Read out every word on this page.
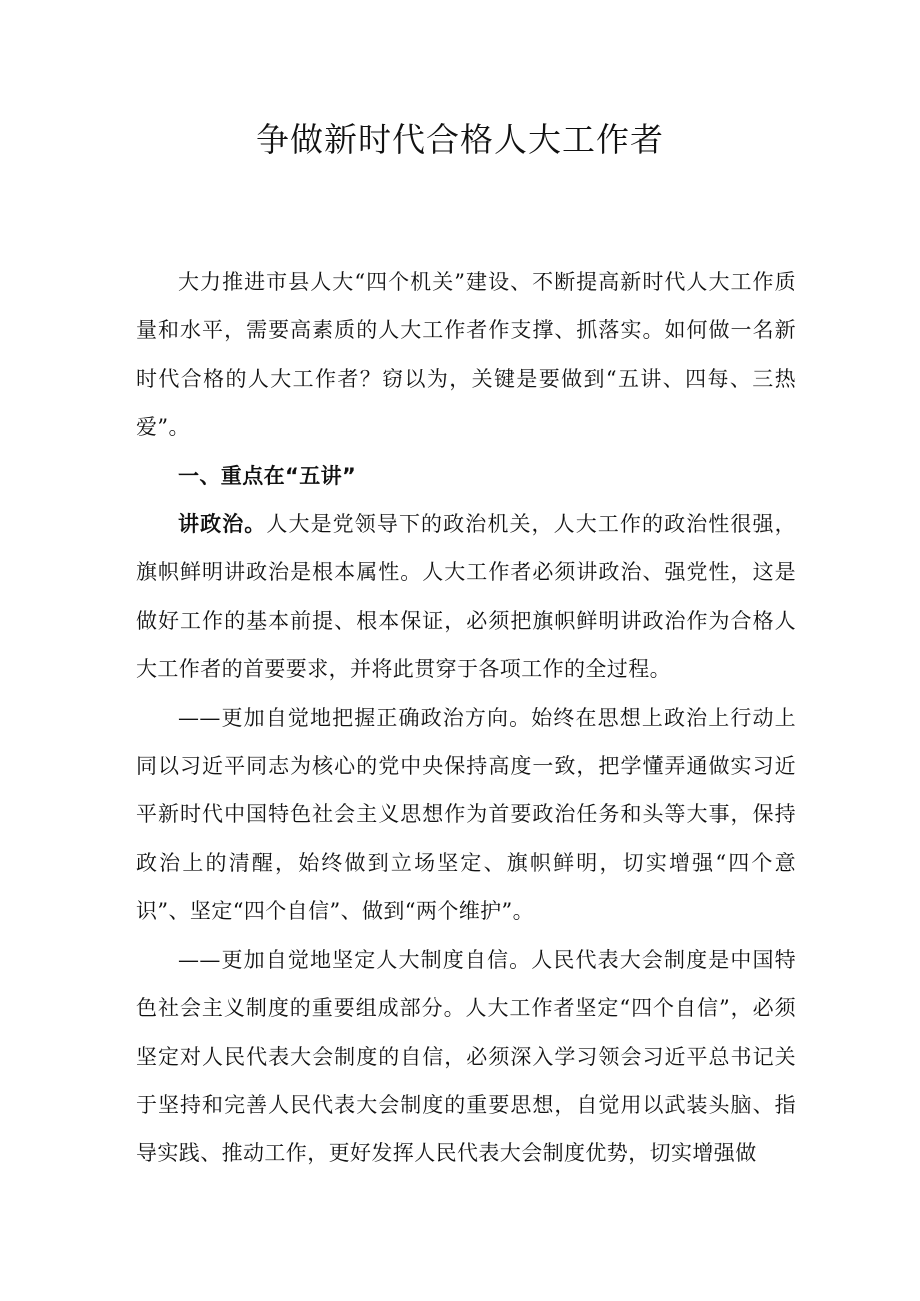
争做新时代合格人大工作者

大力推进市县人大“四个机关”建设、不断提高新时代人大工作质量和水平，需要高素质的人大工作者作支撑、抓落实。如何做一名新时代合格的人大工作者？窃以为，关键是要做到“五讲、四每、三热爱”。

一、重点在“五讲”

讲政治。人大是党领导下的政治机关，人大工作的政治性很强，旗帜鲜明讲政治是根本属性。人大工作者必须讲政治、强党性，这是做好工作的基本前提、根本保证，必须把旗帜鲜明讲政治作为合格人大工作者的首要要求，并将此贯穿于各项工作的全过程。

——更加自觉地把握正确政治方向。始终在思想上政治上行动上同以习近平同志为核心的党中央保持高度一致，把学懂弄通做实习近平新时代中国特色社会主义思想作为首要政治任务和头等大事，保持政治上的清醒，始终做到立场坚定、旗帜鲜明，切实增强“四个意识”、坚定“四个自信”、做到“两个维护”。

——更加自觉地坚定人大制度自信。人民代表大会制度是中国特色社会主义制度的重要组成部分。人大工作者坚定“四个自信”，必须坚定对人民代表大会制度的自信，必须深入学习领会习近平总书记关于坚持和完善人民代表大会制度的重要思想，自觉用以武装头脑、指导实践、推动工作，更好发挥人民代表大会制度优势，切实增强做
